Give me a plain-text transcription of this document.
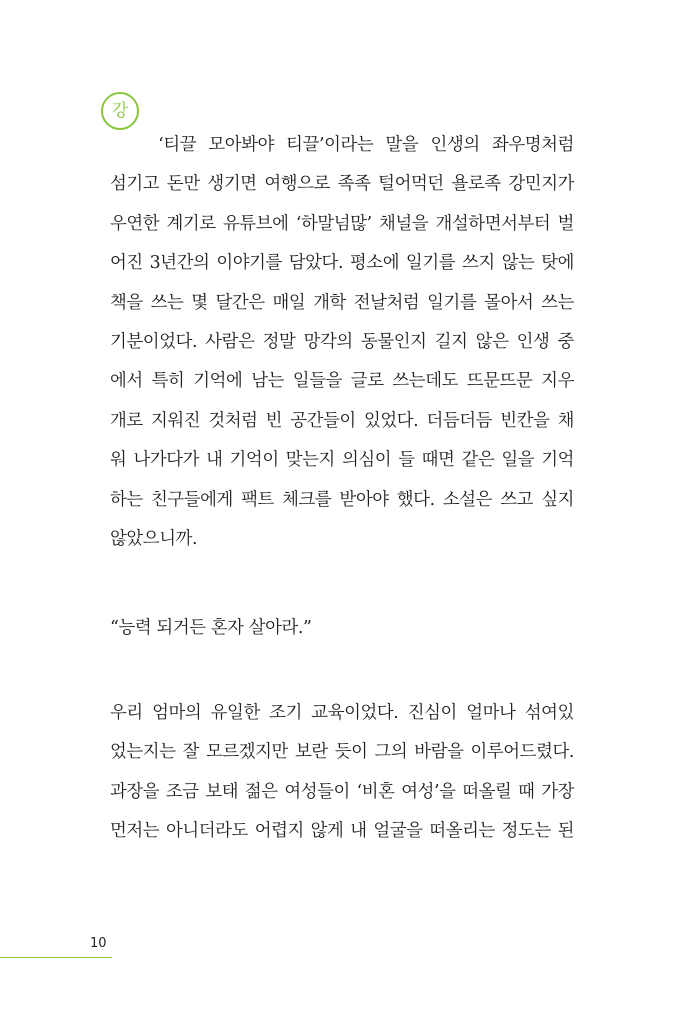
강
　　‘티끌 모아봐야 티끌’이라는 말을 인생의 좌우명처럼
섬기고 돈만 생기면 여행으로 족족 털어먹던 욜로족 강민지가
우연한 계기로 유튜브에 ‘하말넘많’ 채널을 개설하면서부터 벌
어진 3년간의 이야기를 담았다. 평소에 일기를 쓰지 않는 탓에
책을 쓰는 몇 달간은 매일 개학 전날처럼 일기를 몰아서 쓰는
기분이었다. 사람은 정말 망각의 동물인지 길지 않은 인생 중
에서 특히 기억에 남는 일들을 글로 쓰는데도 뜨문뜨문 지우
개로 지워진 것처럼 빈 공간들이 있었다. 더듬더듬 빈칸을 채
워 나가다가 내 기억이 맞는지 의심이 들 때면 같은 일을 기억
하는 친구들에게 팩트 체크를 받아야 했다. 소설은 쓰고 싶지
않았으니까.
“능력 되거든 혼자 살아라.”
우리 엄마의 유일한 조기 교육이었다. 진심이 얼마나 섞여있
었는지는 잘 모르겠지만 보란 듯이 그의 바람을 이루어드렸다.
과장을 조금 보태 젊은 여성들이 ‘비혼 여성’을 떠올릴 때 가장
먼저는 아니더라도 어렵지 않게 내 얼굴을 떠올리는 정도는 된
10
